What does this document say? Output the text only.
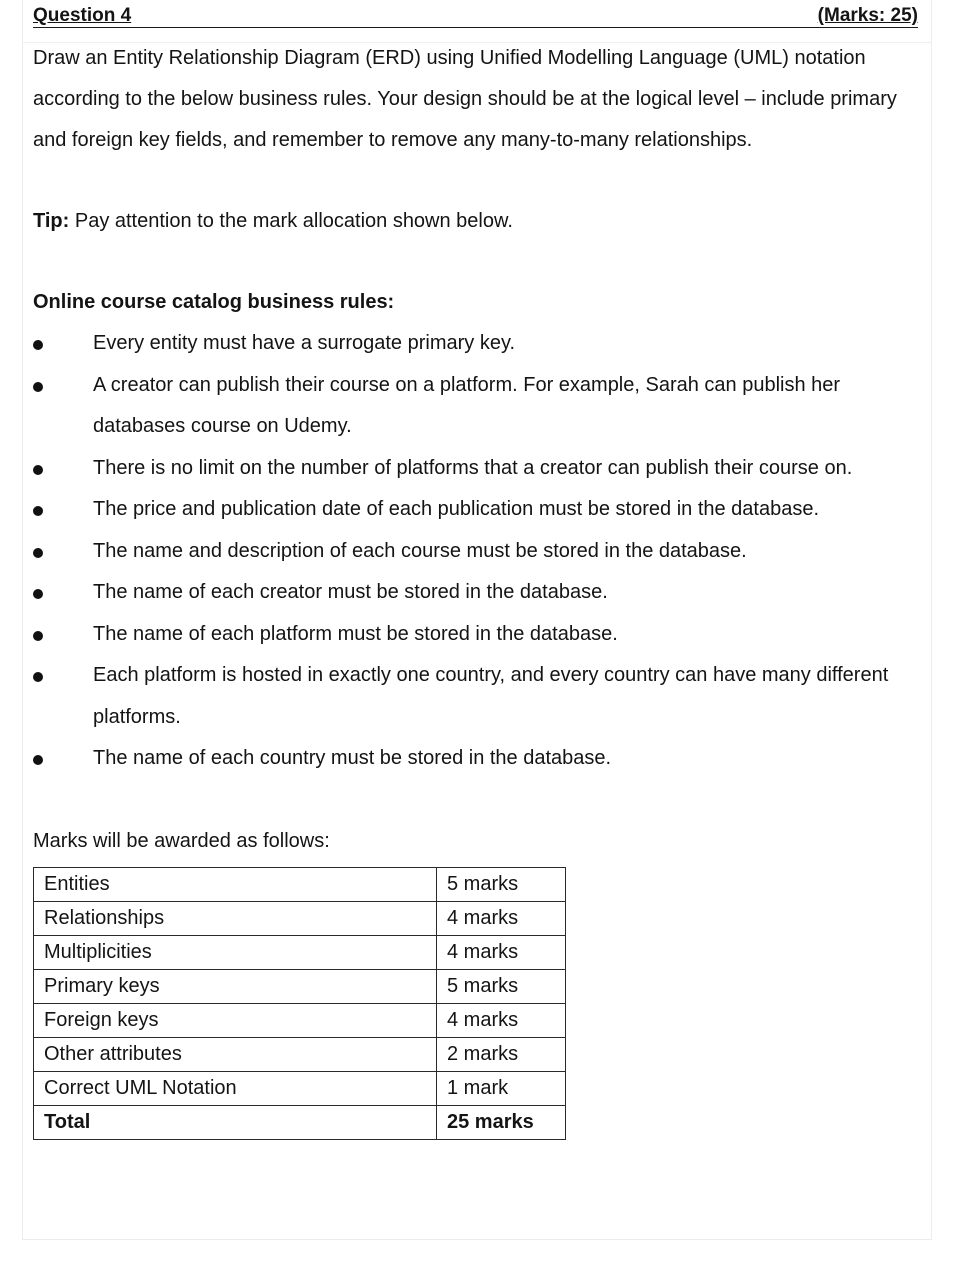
Question 4	(Marks: 25)
Draw an Entity Relationship Diagram (ERD) using Unified Modelling Language (UML) notation according to the below business rules. Your design should be at the logical level – include primary and foreign key fields, and remember to remove any many-to-many relationships.
Tip: Pay attention to the mark allocation shown below.
Online course catalog business rules:
Every entity must have a surrogate primary key.
A creator can publish their course on a platform. For example, Sarah can publish her databases course on Udemy.
There is no limit on the number of platforms that a creator can publish their course on.
The price and publication date of each publication must be stored in the database.
The name and description of each course must be stored in the database.
The name of each creator must be stored in the database.
The name of each platform must be stored in the database.
Each platform is hosted in exactly one country, and every country can have many different platforms.
The name of each country must be stored in the database.
Marks will be awarded as follows:
Entities	5 marks
Relationships	4 marks
Multiplicities	4 marks
Primary keys	5 marks
Foreign keys	4 marks
Other attributes	2 marks
Correct UML Notation	1 mark
Total	25 marks
